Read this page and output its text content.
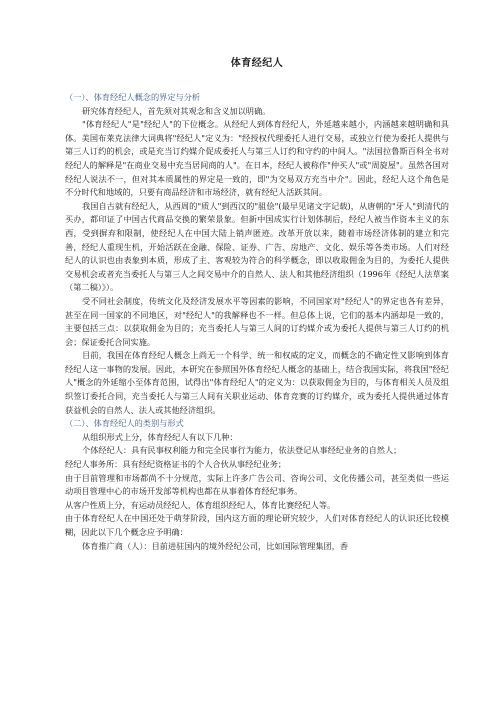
体育经纪人

（一）、体育经纪人概念的界定与分析

研究体育经纪人，首先须对其观念和含义加以明确。

"体育经纪人"是"经纪人"的下位概念。从经纪人到体育经纪人，外延越来越小，内涵越来越明确和具体。美国布莱克法律大词典将"经纪人"定义为："经授权代理委托人进行交易，或独立行使为委托人提供与第三人订约的机会，或是充当订约媒介促成委托人与第三人订约和守约的中间人。"法国拉鲁斯百科全书对经纪人的解释是"在商业交易中充当居间商的人"。在日本，经纪人被称作"仲买人"或"周旋屋"。虽然各国对经纪人说法不一，但对其本质属性的界定是一致的，即"为交易双方充当中介"。因此，经纪人这个角色是不分时代和地域的，只要有商品经济和市场经济，就有经纪人活跃其间。

我国自古就有经纪人，从西周的"质人"到西汉的"驵侩"(最早见诸文字记载)，从唐朝的"牙人"到清代的买办，都印证了中国古代商品交换的繁荣景象。但新中国成实行计划体制后，经纪人被当作资本主义的东西，受到摒弃和限制，使经纪人在中国大陆上销声匿迹。改革开放以来，随着市场经济体制的建立和完善，经纪人重现生机，开始活跃在金融、保险、证券、广告、房地产、文化、娱乐等各类市场。人们对经纪人的认识也由表象到本质，形成了主、客观较为符合的科学概念，即以收取佣金为目的，为委托人提供交易机会或者充当委托人与第三人之间交易中介的自然人、法人和其他经济组织（1996年《经纪人法草案（第二稿）》）。

受不同社会制度，传统文化及经济发展水平等因素的影响，不同国家对"经纪人"的界定也各有差异，甚至在同一国家的不同地区，对"经纪人"的我解释也不一样。但总体上说，它们的基本内涵却是一致的，主要包括三点：以获取佣金为目的；充当委托人与第三人间的订约媒介或为委托人提供与第三人订约的机会；保证委托合同实施。

目前，我国在体育经纪人概念上尚无一个科学、统一和权威的定义，而概念的不确定性又影响到体育经纪人这一事物的发展。因此，本研究在参照国外体育经纪人概念的基础上，结合我国实际，将我国"经纪人"概念的外延缩小至体育范围，试得出"体育经纪人"的定义为：以获取佣金为目的，与体育相关人员及组织签订委托合同，充当委托人与第三人间有关职业运动、体育竞赛的订约媒介，或为委托人提供通过体育获益机会的自然人、法人或其他经济组织。

（二）、体育经纪人的类别与形式

从组织形式上分，体育经纪人有以下几种：

个体经纪人：具有民事权利能力和完全民事行为能力，依法登记从事经纪业务的自然人；

经纪人事务所：具有经纪资格证书的个人合伙从事经纪业务；

由于目前管理和市场都尚不十分规范，实际上许多广告公司、咨询公司、文化传播公司，甚至类似一些运动项目管理中心的市场开发部等机构也都在从事着体育经纪事务。

从客户性质上分，有运动员经纪人，体育组织经纪人，体育比赛经纪人等。

由于体育经纪人在中国还处于萌芽阶段，国内这方面的理论研究较少，人们对体育经纪人的认识还比较模糊，因此以下几个概念应予明确：

体育推广商（人）：目前进驻国内的境外经纪公司，比如国际管理集团，香
